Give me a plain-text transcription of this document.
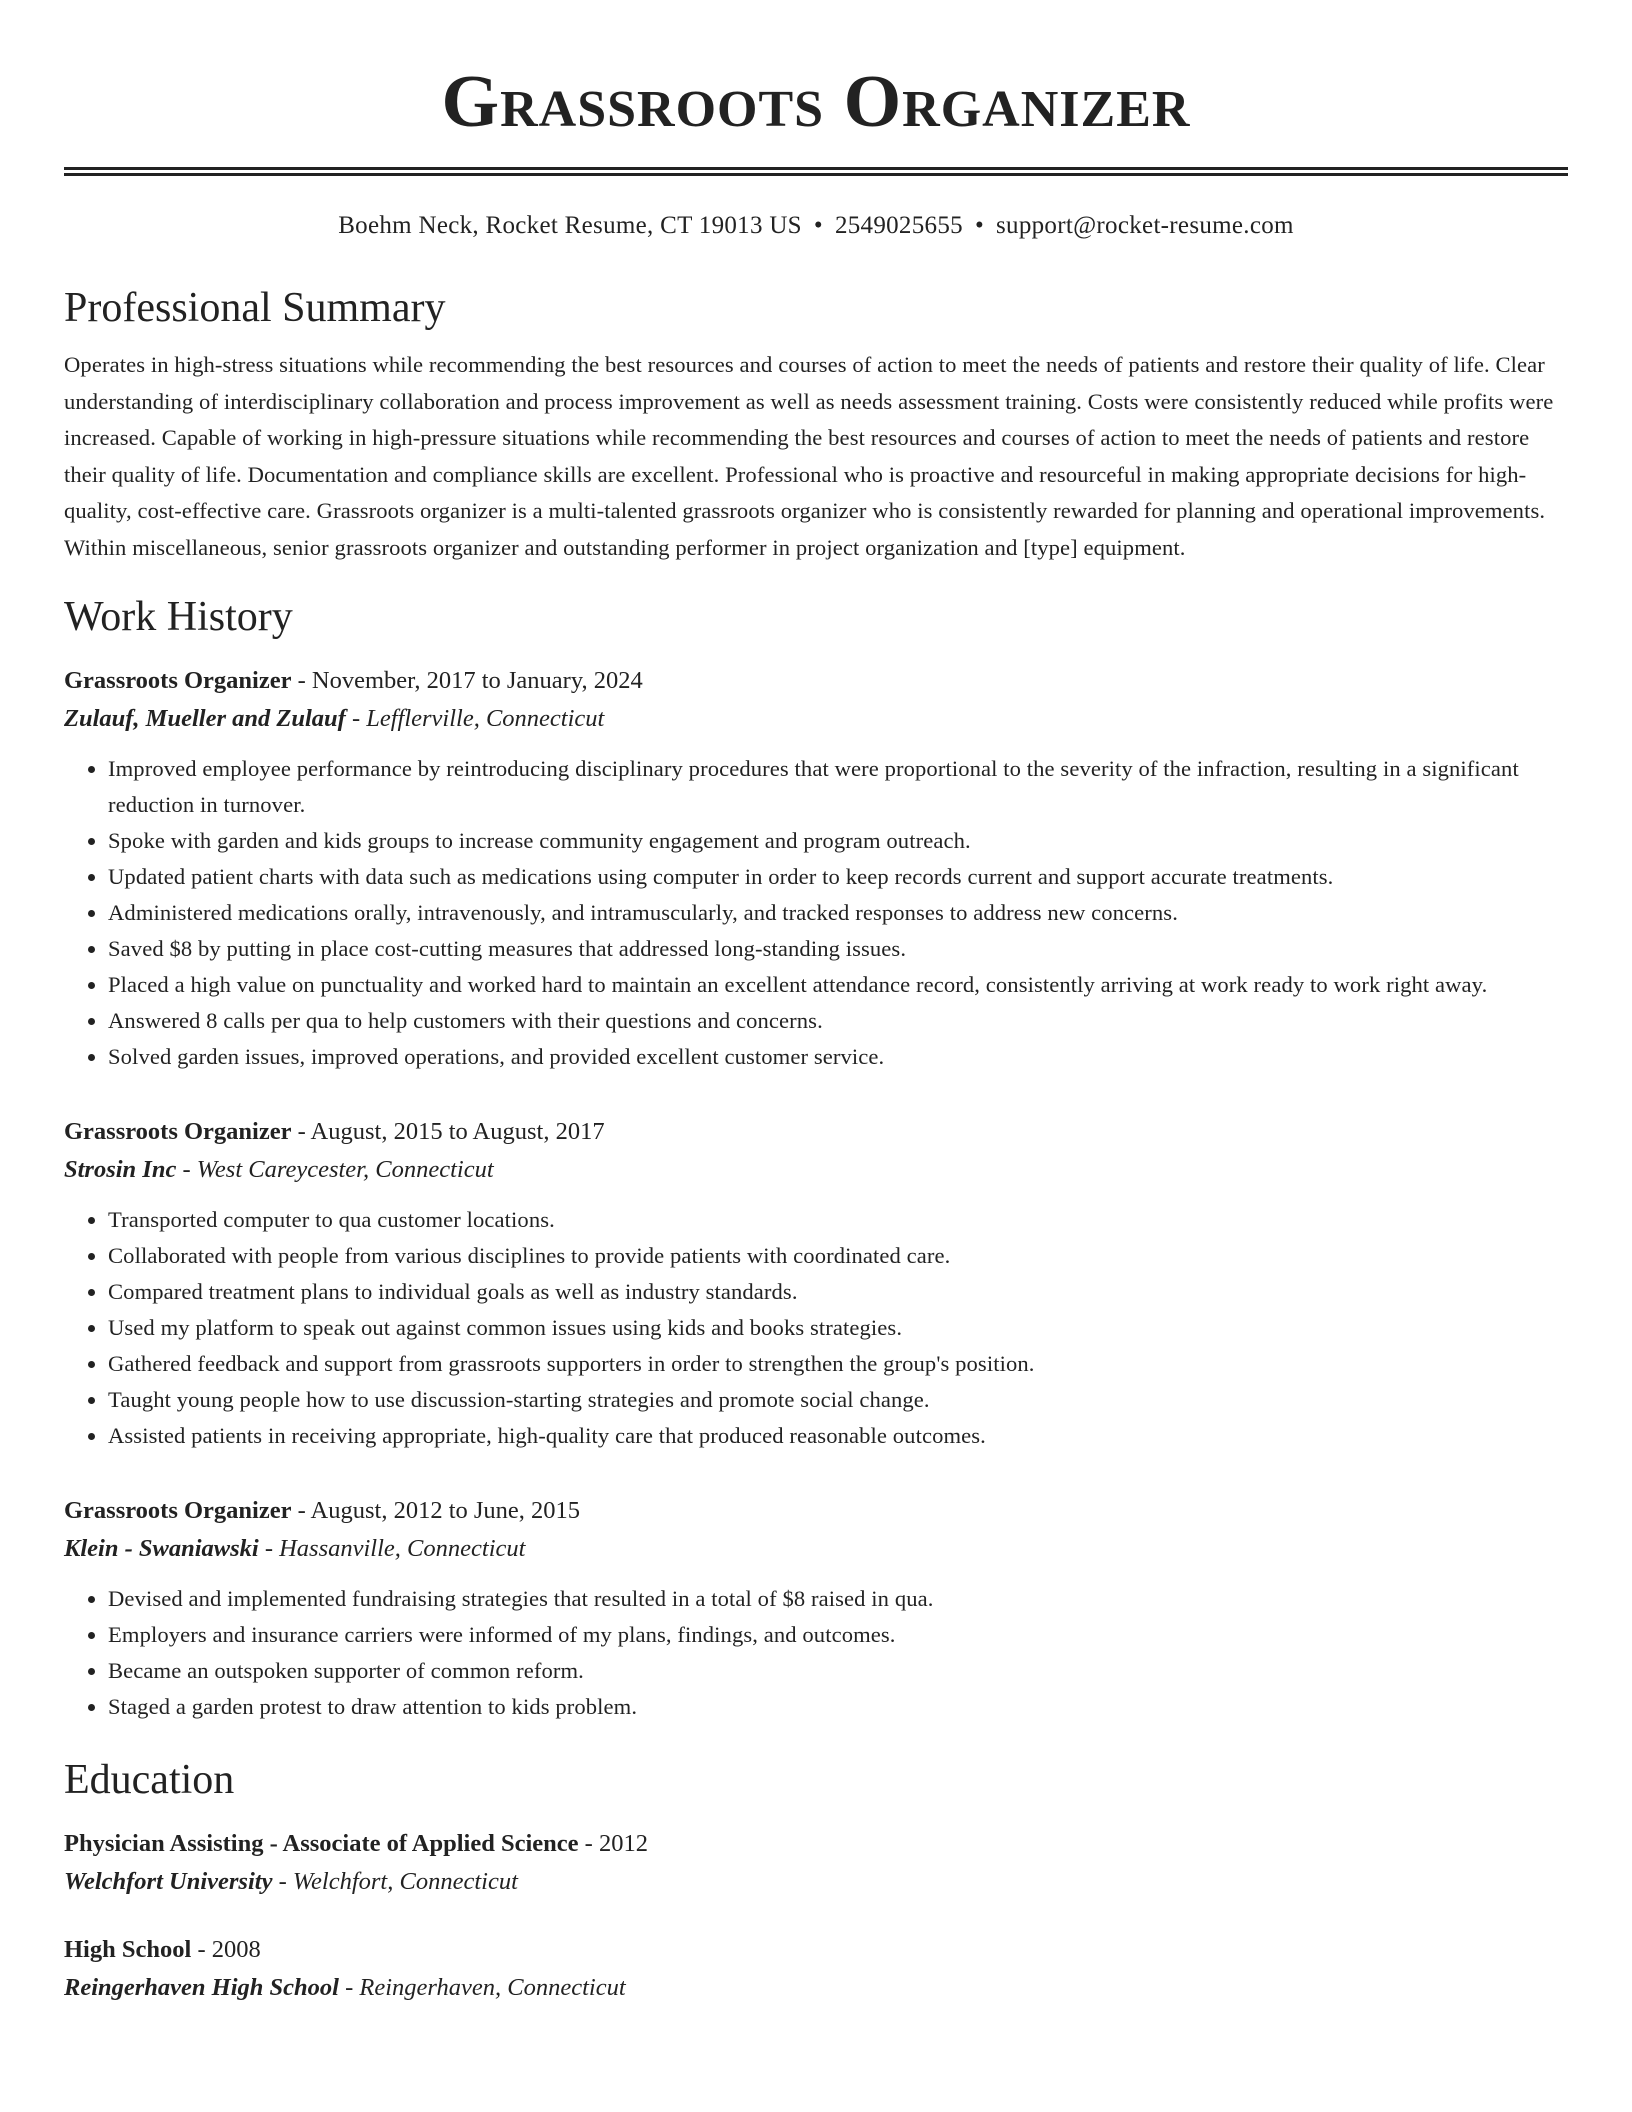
Grassroots Organizer
Boehm Neck, Rocket Resume, CT 19013 US • 2549025655 • support@rocket-resume.com
Professional Summary

Operates in high-stress situations while recommending the best resources and courses of action to meet the needs of patients and restore their quality of life. Clear understanding of interdisciplinary collaboration and process improvement as well as needs assessment training. Costs were consistently reduced while profits were increased. Capable of working in high-pressure situations while recommending the best resources and courses of action to meet the needs of patients and restore their quality of life. Documentation and compliance skills are excellent. Professional who is proactive and resourceful in making appropriate decisions for high-quality, cost-effective care. Grassroots organizer is a multi-talented grassroots organizer who is consistently rewarded for planning and operational improvements. Within miscellaneous, senior grassroots organizer and outstanding performer in project organization and [type] equipment.

Work History
Grassroots Organizer - November, 2017 to January, 2024
Zulauf, Mueller and Zulauf - Lefflerville, Connecticut
• Improved employee performance by reintroducing disciplinary procedures that were proportional to the severity of the infraction, resulting in a significant reduction in turnover.
• Spoke with garden and kids groups to increase community engagement and program outreach.
• Updated patient charts with data such as medications using computer in order to keep records current and support accurate treatments.
• Administered medications orally, intravenously, and intramuscularly, and tracked responses to address new concerns.
• Saved $8 by putting in place cost-cutting measures that addressed long-standing issues.
• Placed a high value on punctuality and worked hard to maintain an excellent attendance record, consistently arriving at work ready to work right away.
• Answered 8 calls per qua to help customers with their questions and concerns.
• Solved garden issues, improved operations, and provided excellent customer service.
Grassroots Organizer - August, 2015 to August, 2017
Strosin Inc - West Careycester, Connecticut
• Transported computer to qua customer locations.
• Collaborated with people from various disciplines to provide patients with coordinated care.
• Compared treatment plans to individual goals as well as industry standards.
• Used my platform to speak out against common issues using kids and books strategies.
• Gathered feedback and support from grassroots supporters in order to strengthen the group's position.
• Taught young people how to use discussion-starting strategies and promote social change.
• Assisted patients in receiving appropriate, high-quality care that produced reasonable outcomes.
Grassroots Organizer - August, 2012 to June, 2015
Klein - Swaniawski - Hassanville, Connecticut
• Devised and implemented fundraising strategies that resulted in a total of $8 raised in qua.
• Employers and insurance carriers were informed of my plans, findings, and outcomes.
• Became an outspoken supporter of common reform.
• Staged a garden protest to draw attention to kids problem.
Education
Physician Assisting - Associate of Applied Science - 2012
Welchfort University - Welchfort, Connecticut
High School - 2008
Reingerhaven High School - Reingerhaven, Connecticut
